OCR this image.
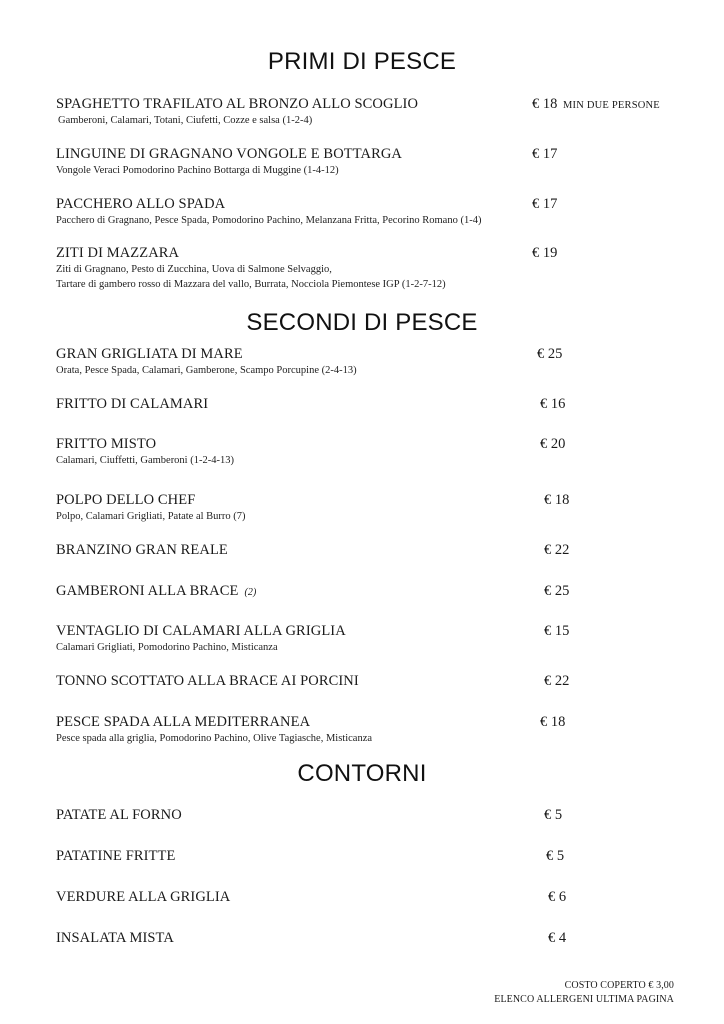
PRIMI DI PESCE
SPAGHETTO TRAFILATO AL BRONZO ALLO SCOGLIO
Gamberoni, Calamari, Totani, Ciufetti, Cozze e salsa (1-2-4)
€ 18 MIN DUE PERSONE
LINGUINE DI GRAGNANO VONGOLE E BOTTARGA
Vongole Veraci Pomodorino Pachino Bottarga di Muggine (1-4-12)
€ 17
PACCHERO ALLO SPADA
Pacchero di Gragnano, Pesce Spada, Pomodorino Pachino, Melanzana Fritta, Pecorino Romano (1-4)
€ 17
ZITI DI MAZZARA
Ziti di Gragnano, Pesto di Zucchina, Uova di Salmone Selvaggio,
Tartare di gambero rosso di Mazzara del vallo, Burrata, Nocciola Piemontese IGP (1-2-7-12)
€ 19
SECONDI DI PESCE
GRAN GRIGLIATA DI MARE
Orata, Pesce Spada, Calamari, Gamberone, Scampo Porcupine (2-4-13)
€ 25
FRITTO DI CALAMARI	€ 16
FRITTO MISTO
Calamari, Ciuffetti, Gamberoni (1-2-4-13)
€ 20
POLPO DELLO CHEF
Polpo, Calamari Grigliati, Patate al Burro (7)
€ 18
BRANZINO GRAN REALE	€ 22
GAMBERONI ALLA BRACE (2)	€ 25
VENTAGLIO DI CALAMARI ALLA GRIGLIA
Calamari Grigliati, Pomodorino Pachino, Misticanza
€ 15
TONNO SCOTTATO ALLA BRACE AI PORCINI	€ 22
PESCE SPADA ALLA MEDITERRANEA
Pesce spada alla griglia, Pomodorino Pachino, Olive Tagiasche, Misticanza
€ 18
CONTORNI
PATATE AL FORNO	€ 5
PATATINE FRITTE	€ 5
VERDURE ALLA GRIGLIA	€ 6
INSALATA MISTA	€ 4
COSTO COPERTO € 3,00
ELENCO ALLERGENI ULTIMA PAGINA
